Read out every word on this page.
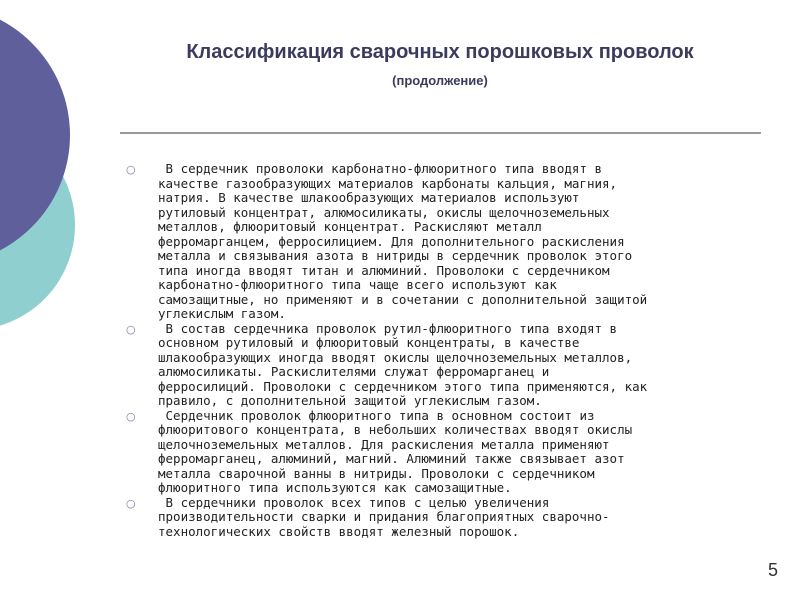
Классификация сварочных порошковых проволок
(продолжение)
○	В сердечник проволоки карбонатно-флюоритного типа вводят в
качестве газообразующих материалов карбонаты кальция, магния,
натрия. В качестве шлакообразующих материалов используют
рутиловый концентрат, алюмосиликаты, окислы щелочноземельных
металлов, флюоритовый концентрат. Раскисляют металл
ферромарганцем, ферросилицием. Для дополнительного раскисления
металла и связывания азота в нитриды в сердечник проволок этого
типа иногда вводят титан и алюминий. Проволоки с сердечником
карбонатно-флюоритного типа чаще всего используют как
самозащитные, но применяют и в сочетании с дополнительной защитой
углекислым газом.
○	В состав сердечника проволок рутил-флюоритного типа входят в
основном рутиловый и флюоритовый концентраты, в качестве
шлакообразующих иногда вводят окислы щелочноземельных металлов,
алюмосиликаты. Раскислителями служат ферромарганец и
ферросилиций. Проволоки с сердечником этого типа применяются, как
правило, с дополнительной защитой углекислым газом.
○	Сердечник проволок флюоритного типа в основном состоит из
флюоритового концентрата, в небольших количествах вводят окислы
щелочноземельных металлов. Для раскисления металла применяют
ферромарганец, алюминий, магний. Алюминий также связывает азот
металла сварочной ванны в нитриды. Проволоки с сердечником
флюоритного типа используются как самозащитные.
○	В сердечники проволок всех типов с целью увеличения
производительности сварки и придания благоприятных сварочно-
технологических свойств вводят железный порошок.
5
